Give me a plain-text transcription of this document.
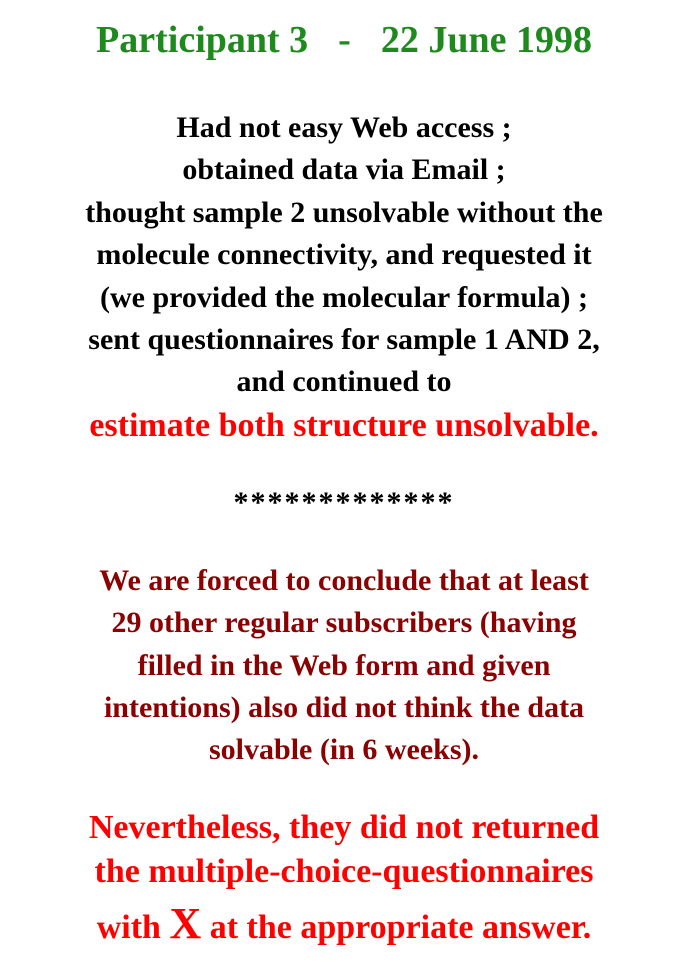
Participant 3 - 22 June 1998
Had not easy Web access ;
obtained data via Email ;
thought sample 2 unsolvable without the
molecule connectivity, and requested it
(we provided the molecular formula) ;
sent questionnaires for sample 1 AND 2,
and continued to
estimate both structure unsolvable.
*************
We are forced to conclude that at least
29 other regular subscribers (having
filled in the Web form and given
intentions) also did not think the data
solvable (in 6 weeks).
Nevertheless, they did not returned
the multiple-choice-questionnaires
with X at the appropriate answer.
